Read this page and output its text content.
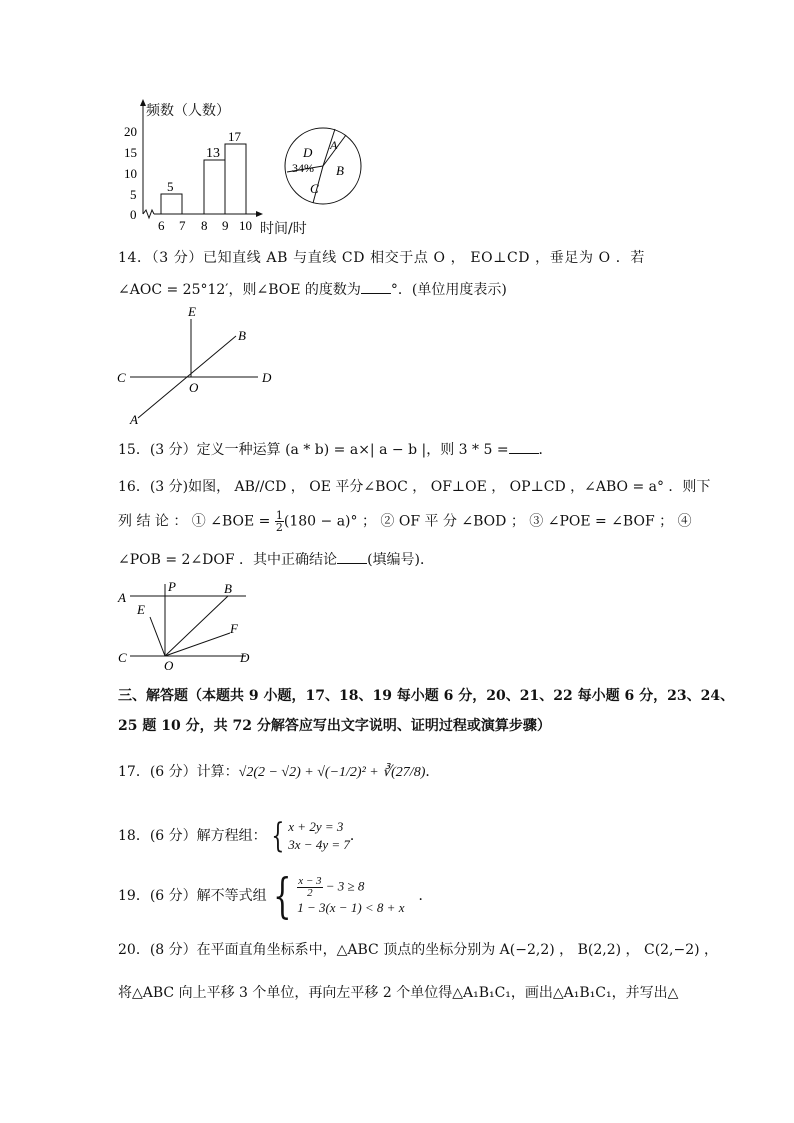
20
15
10
5
0
5
13
17
6 7 8 9 10
频数（人数）
时间/时
A
B
C
D
34%
14．（3 分）已知直线 AB 与直线 CD 相交于点 O ， EO⊥CD ，垂足为 O ．若
∠AOC = 25°12′，则∠BOE 的度数为 °．(单位用度表示)
E
B
C
O
D
A
15．(3 分）定义一种运算 (a * b) = a×| a − b |，则 3 * 5 = ．
16．(3 分)如图， AB//CD ， OE 平分∠BOC ， OF⊥OE ， OP⊥CD ，∠ABO = a° ．则下
列 结 论 ： ① ∠BOE = $\frac{1}{2} (180 - a)^\circ$ ； ② OF 平 分 ∠BOD ； ③ ∠POE = ∠BOF ； ④
∠POB = 2∠DOF ．其中正确结论 (填编号)．
A
P	B
E
F
C
O
D
三、解答题（本题共 9 小题，17、18、19 每小题 6 分，20、21、22 每小题 6 分，23、24、
25 题 10 分，共 72 分解答应写出文字说明、证明过程或演算步骤）
17．(6 分）计算：√2(2 − √2) + √(−1/2)² + ∛(27/8)．
18．(6 分）解方程组： { x + 2y = 3
3x − 4y = 7
．
19．(6 分）解不等式组 { $\frac{x - 3}{2} - 3 \ge 8$
1 − 3(x − 1) < 8 + x
．
20．(8 分）在平面直角坐标系中，△ABC 顶点的坐标分别为 A(−2,2) ， B(2,2) ， C(2,−2) ，
将△ABC 向上平移 3 个单位，再向左平移 2 个单位得△A₁B₁C₁，画出△A₁B₁C₁，并写出△
